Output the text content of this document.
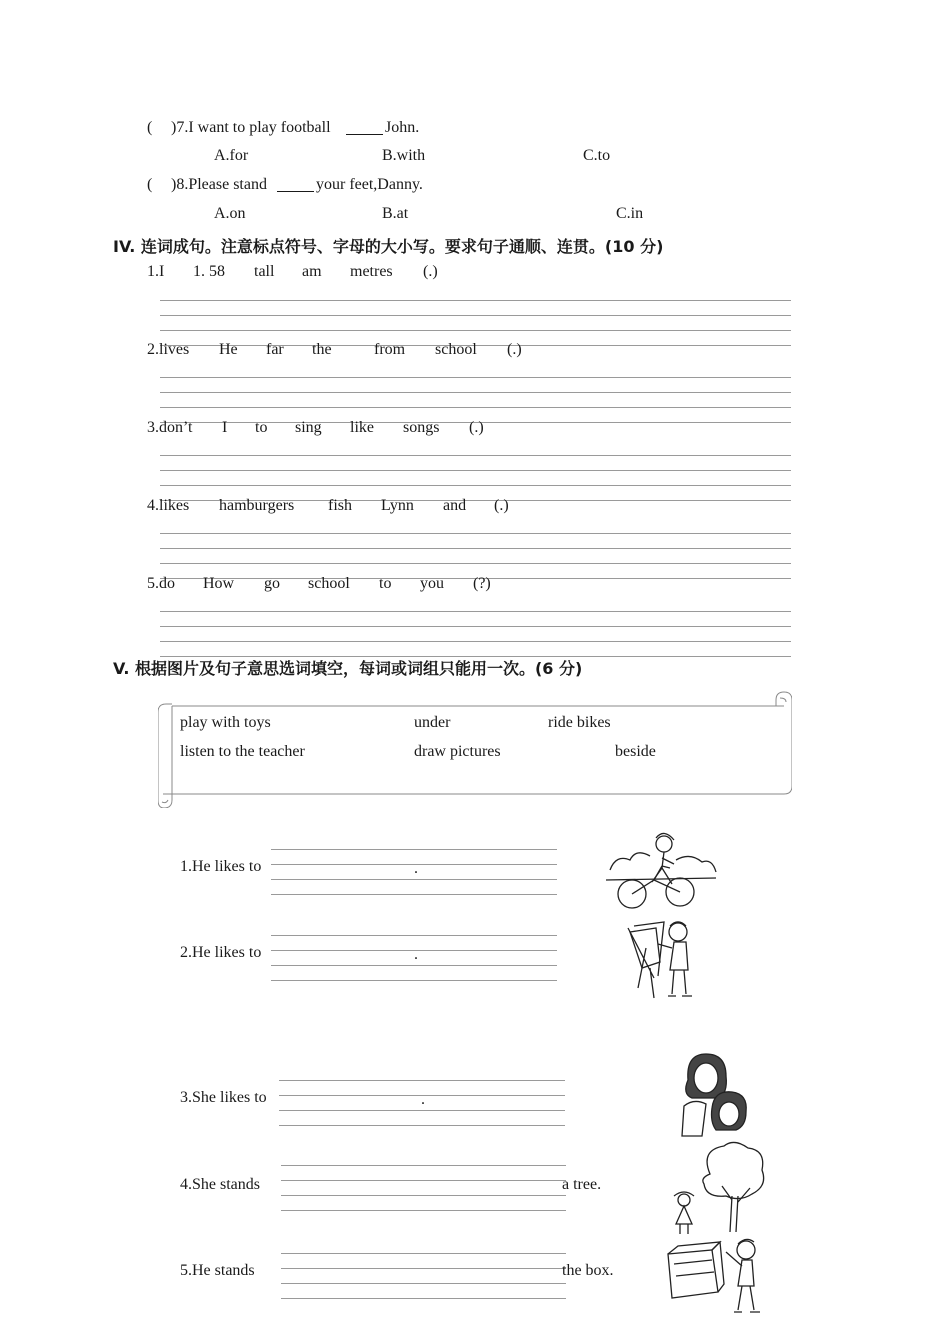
( )7.I want to play football	John.
A.for	B.with	C.to
( )8.Please stand	your feet,Danny.
A.on	B.at	C.in
IV. 连词成句。注意标点符号、字母的大小写。要求句子通顺、连贯。(10 分)
1.I 1. 58 tall am metres (.)
2.lives He far the	from school (.)
3.don’t I to sing like songs (.)
4.likes hamburgers fish Lynn and (.)
5.do How go school to you (?)
V. 根据图片及句子意思选词填空，每词或词组只能用一次。(6 分)
play with toys	under	ride bikes
listen to the teacher	draw pictures	beside
1.He likes to	.
2.He likes to	.
3.She likes to	.
4.She stands	a tree.
5.He stands	the box.
